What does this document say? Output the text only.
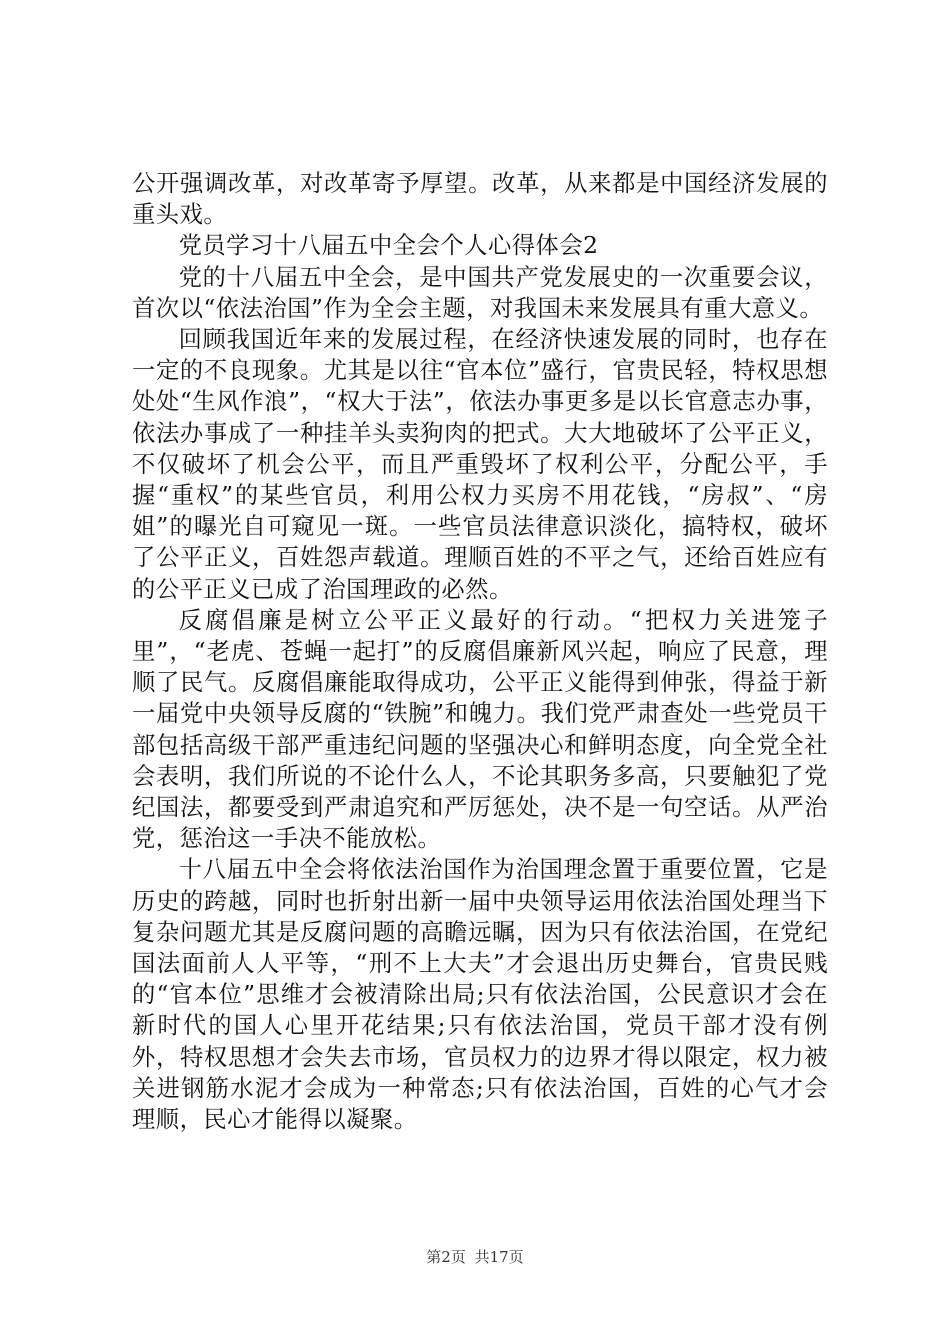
公开强调改革，对改革寄予厚望。改革，从来都是中国经济发展的重头戏。

党员学习十八届五中全会个人心得体会2

党的十八届五中全会，是中国共产党发展史的一次重要会议，首次以“依法治国”作为全会主题，对我国未来发展具有重大意义。

回顾我国近年来的发展过程，在经济快速发展的同时，也存在一定的不良现象。尤其是以往“官本位”盛行，官贵民轻，特权思想处处“生风作浪”，“权大于法”，依法办事更多是以长官意志办事，依法办事成了一种挂羊头卖狗肉的把式。大大地破坏了公平正义，不仅破坏了机会公平，而且严重毁坏了权利公平，分配公平，手握“重权”的某些官员，利用公权力买房不用花钱，“房叔”、“房姐”的曝光自可窥见一斑。一些官员法律意识淡化，搞特权，破坏了公平正义，百姓怨声载道。理顺百姓的不平之气，还给百姓应有的公平正义已成了治国理政的必然。

反腐倡廉是树立公平正义最好的行动。“把权力关进笼子里”，“老虎、苍蝇一起打”的反腐倡廉新风兴起，响应了民意，理顺了民气。反腐倡廉能取得成功，公平正义能得到伸张，得益于新一届党中央领导反腐的“铁腕”和魄力。我们党严肃查处一些党员干部包括高级干部严重违纪问题的坚强决心和鲜明态度，向全党全社会表明，我们所说的不论什么人，不论其职务多高，只要触犯了党纪国法，都要受到严肃追究和严厉惩处，决不是一句空话。从严治党，惩治这一手决不能放松。

十八届五中全会将依法治国作为治国理念置于重要位置，它是历史的跨越，同时也折射出新一届中央领导运用依法治国处理当下复杂问题尤其是反腐问题的高瞻远瞩，因为只有依法治国，在党纪国法面前人人平等，“刑不上大夫”才会退出历史舞台，官贵民贱的“官本位”思维才会被清除出局;只有依法治国，公民意识才会在新时代的国人心里开花结果;只有依法治国，党员干部才没有例外，特权思想才会失去市场，官员权力的边界才得以限定，权力被关进钢筋水泥才会成为一种常态;只有依法治国，百姓的心气才会理顺，民心才能得以凝聚。

第2页 共17页
